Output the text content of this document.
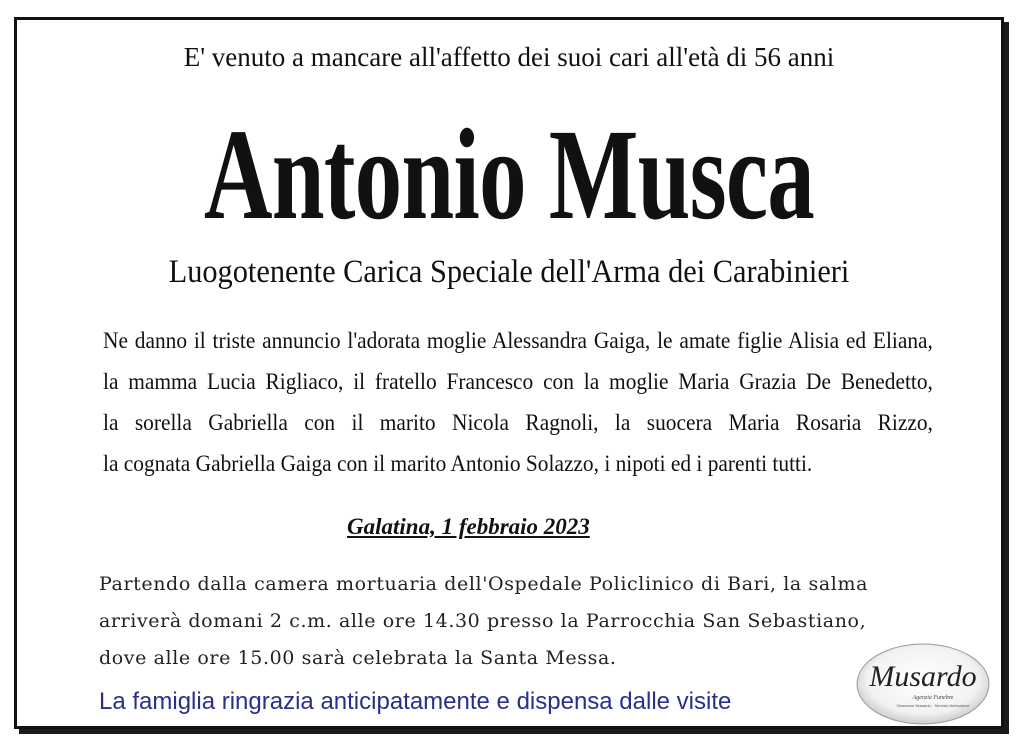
E' venuto a mancare all'affetto dei suoi cari all'età di 56 anni
Antonio Musca
Luogotenente Carica Speciale dell'Arma dei Carabinieri
Ne danno il triste annuncio l'adorata moglie Alessandra Gaiga, le amate figlie Alisia ed Eliana,
la mamma Lucia Rigliaco, il fratello Francesco con la moglie Maria Grazia De Benedetto,
la sorella Gabriella con il marito Nicola Ragnoli, la suocera Maria Rosaria Rizzo,
la cognata Gabriella Gaiga con il marito Antonio Solazzo, i nipoti ed i parenti tutti.
Galatina, 1 febbraio 2023
Partendo dalla camera mortuaria dell'Ospedale Policlinico di Bari, la salma
arriverà domani 2 c.m. alle ore 14.30 presso la Parrocchia San Sebastiano,
dove alle ore 15.00 sarà celebrata la Santa Messa.
La famiglia ringrazia anticipatamente e dispensa dalle visite
Musardo
Agenzia Funebre
Onoranze Musardo · Servizio Ambulanze
